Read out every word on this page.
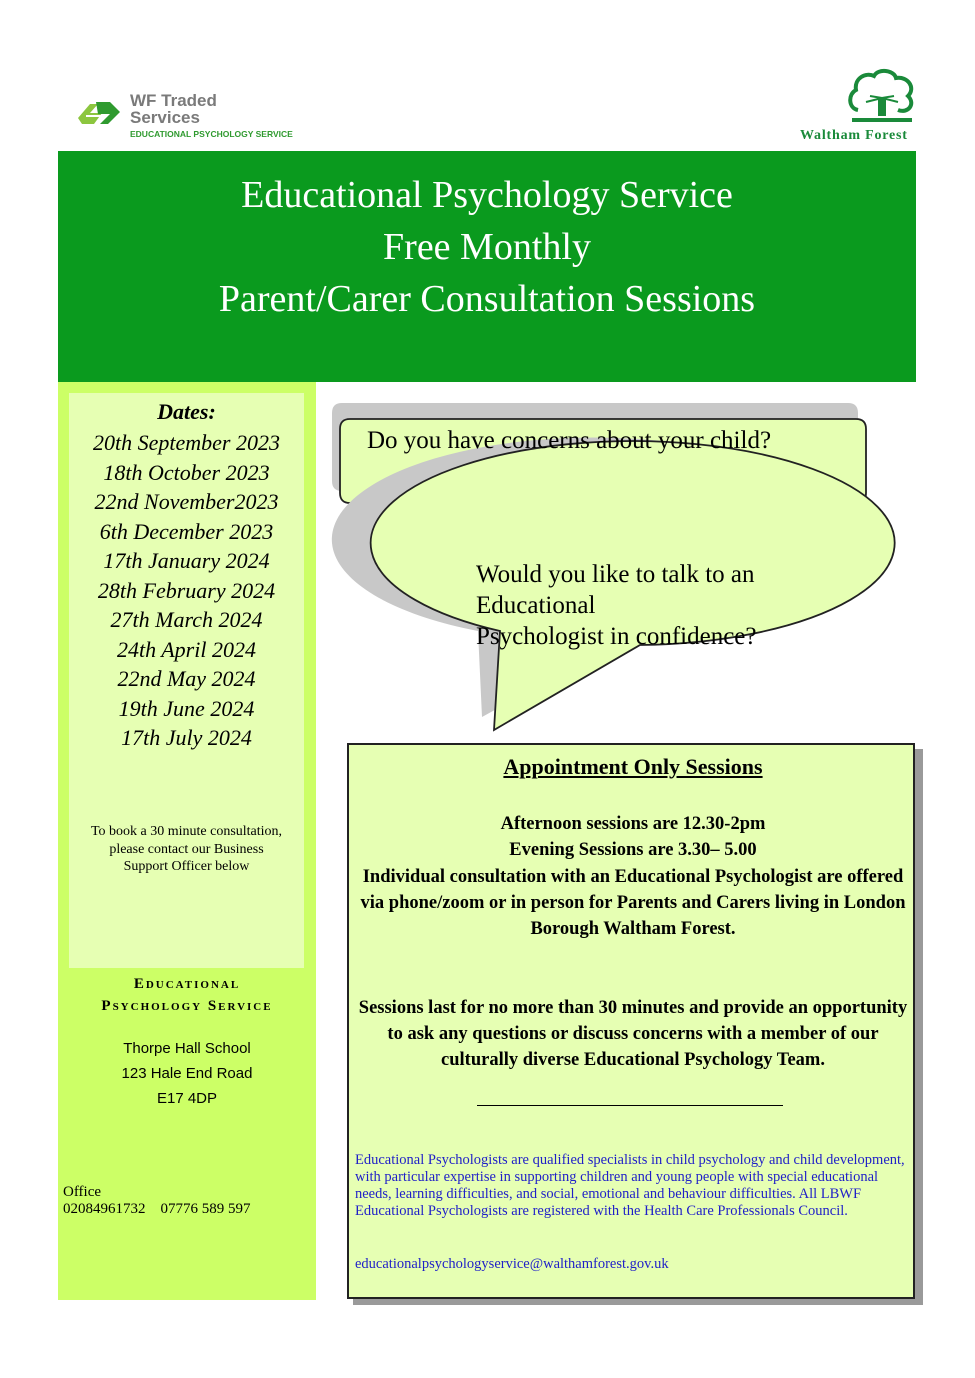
WF Traded
Services
EDUCATIONAL PSYCHOLOGY SERVICE	Waltham Forest
Educational Psychology Service
Free Monthly
Parent/Carer Consultation Sessions
Dates:
20th September 2023
18th October 2023
22nd November2023
6th December 2023
17th January 2024
28th February 2024
27th March 2024
24th April 2024
22nd May 2024
19th June 2024
17th July 2024
To book a 30 minute consultation, please contact our Business Support Officer below
Educational
Psychology Service
Thorpe Hall School
123 Hale End Road
E17 4DP
Office
02084961732    07776 589 597
Do you have concerns about your child?
Would you like to talk to an
Educational
Psychologist in confidence?
Appointment Only Sessions
Afternoon sessions are 12.30-2pm
Evening Sessions are 3.30– 5.00
Individual consultation with an Educational Psychologist are offered via phone/zoom or in person for Parents and Carers living in London Borough Waltham Forest.
Sessions last for no more than 30 minutes and provide an opportunity to ask any questions or discuss concerns with a member of our culturally diverse Educational Psychology Team.
Educational Psychologists are qualified specialists in child psychology and child development, with particular expertise in supporting children and young people with special educational needs, learning difficulties, and social, emotional and behaviour difficulties. All LBWF Educational Psychologists are registered with the Health Care Professionals Council.
educationalpsychologyservice@walthamforest.gov.uk
